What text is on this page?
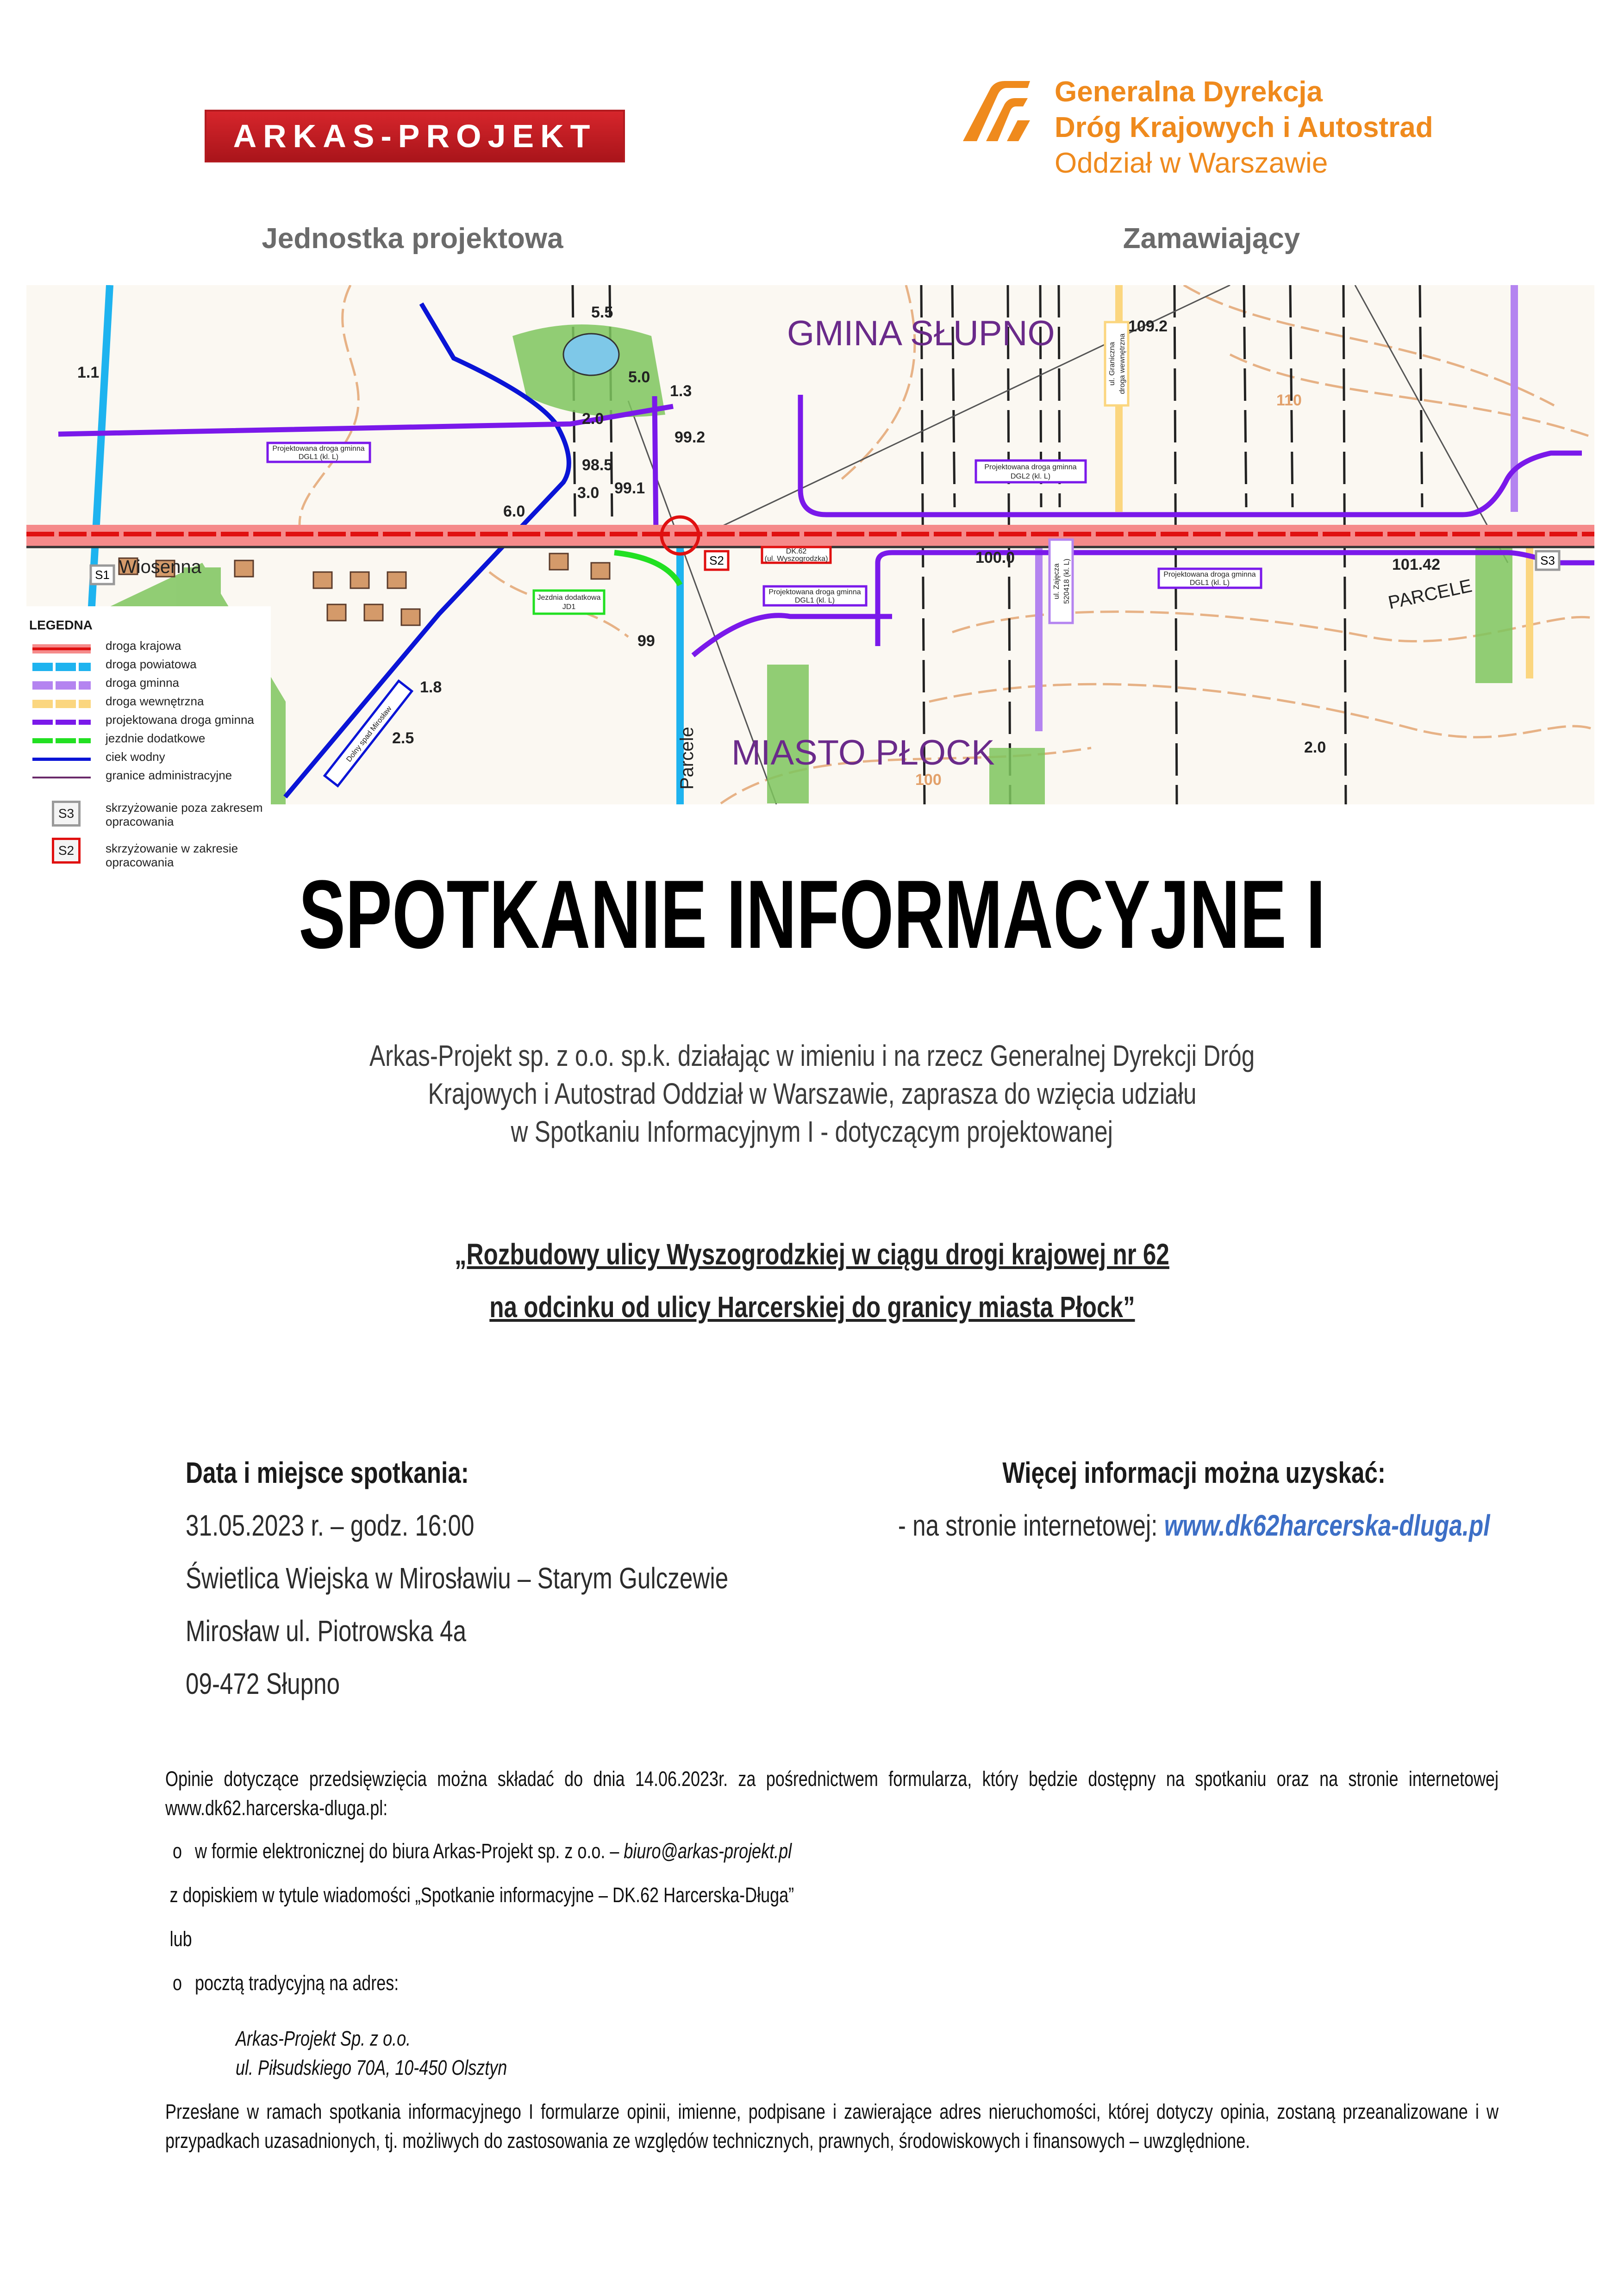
ARKAS-PROJEKT
Generalna Dyrekcja
Dróg Krajowych i Autostrad
Oddział w Warszawie
Jednostka projektowa	Zamawiający
GMINA SŁUPNO
MIASTO PŁOCK
Projektowana droga gminna
DGL1 (kl. L)
Projektowana droga gminna
DGL2 (kl. L)
Projektowana droga gminna
DGL1 (kl. L)
Projektowana droga gminna
DGL1 (kl. L)
DK.62
(ul. Wyszogrodzka)
Jezdnia dodatkowa
JD1
ul. Graniczna droga wewnętrzna
ul. Zajęcza 520418 (kl. L)
Dolny spad Mirosław
S2	S3
S1 Wiosenna
PARCELE
Parcele
5.5
5.0
99.2
98.5
99.1
6.0
3.0
1.3
2.0
109.2
110
100.0	101.42
99
1.8
2.5
2.0
100
1.1
LEGEDNA
droga krajowa
droga powiatowa
droga gminna
droga wewnętrzna
projektowana droga gminna
jezdnie dodatkowe
ciek wodny
granice administracyjne
S3	skrzyżowanie poza zakresem opracowania
S2	skrzyżowanie w zakresie opracowania	SPOTKANIE INFORMACYJNE I
Arkas-Projekt sp. z o.o. sp.k. działając w imieniu i na rzecz Generalnej Dyrekcji Dróg
Krajowych i Autostrad Oddział w Warszawie, zaprasza do wzięcia udziału
w Spotkaniu Informacyjnym I - dotyczącym projektowanej
„Rozbudowy ulicy Wyszogrodzkiej w ciągu drogi krajowej nr 62
na odcinku od ulicy Harcerskiej do granicy miasta Płock”
Data i miejsce spotkania:
31.05.2023 r. – godz. 16:00
Świetlica Wiejska w Mirosławiu – Starym Gulczewie
Mirosław ul. Piotrowska 4a
09-472 Słupno
Więcej informacji można uzyskać:
- na stronie internetowej: www.dk62harcerska-dluga.pl
Opinie dotyczące przedsięwzięcia można składać do dnia 14.06.2023r. za pośrednictwem formularza, który będzie dostępny na spotkaniu oraz na stronie internetowej www.dk62.harcerska-dluga.pl:
o w formie elektronicznej do biura Arkas-Projekt sp. z o.o. – biuro@arkas-projekt.pl
z dopiskiem w tytule wiadomości „Spotkanie informacyjne – DK.62 Harcerska-Długa”
lub
o pocztą tradycyjną na adres:
Arkas-Projekt Sp. z o.o.
ul. Piłsudskiego 70A, 10-450 Olsztyn
Przesłane w ramach spotkania informacyjnego I formularze opinii, imienne, podpisane i zawierające adres nieruchomości, której dotyczy opinia, zostaną przeanalizowane i w przypadkach uzasadnionych, tj. możliwych do zastosowania ze względów technicznych, prawnych, środowiskowych i finansowych – uwzględnione.
